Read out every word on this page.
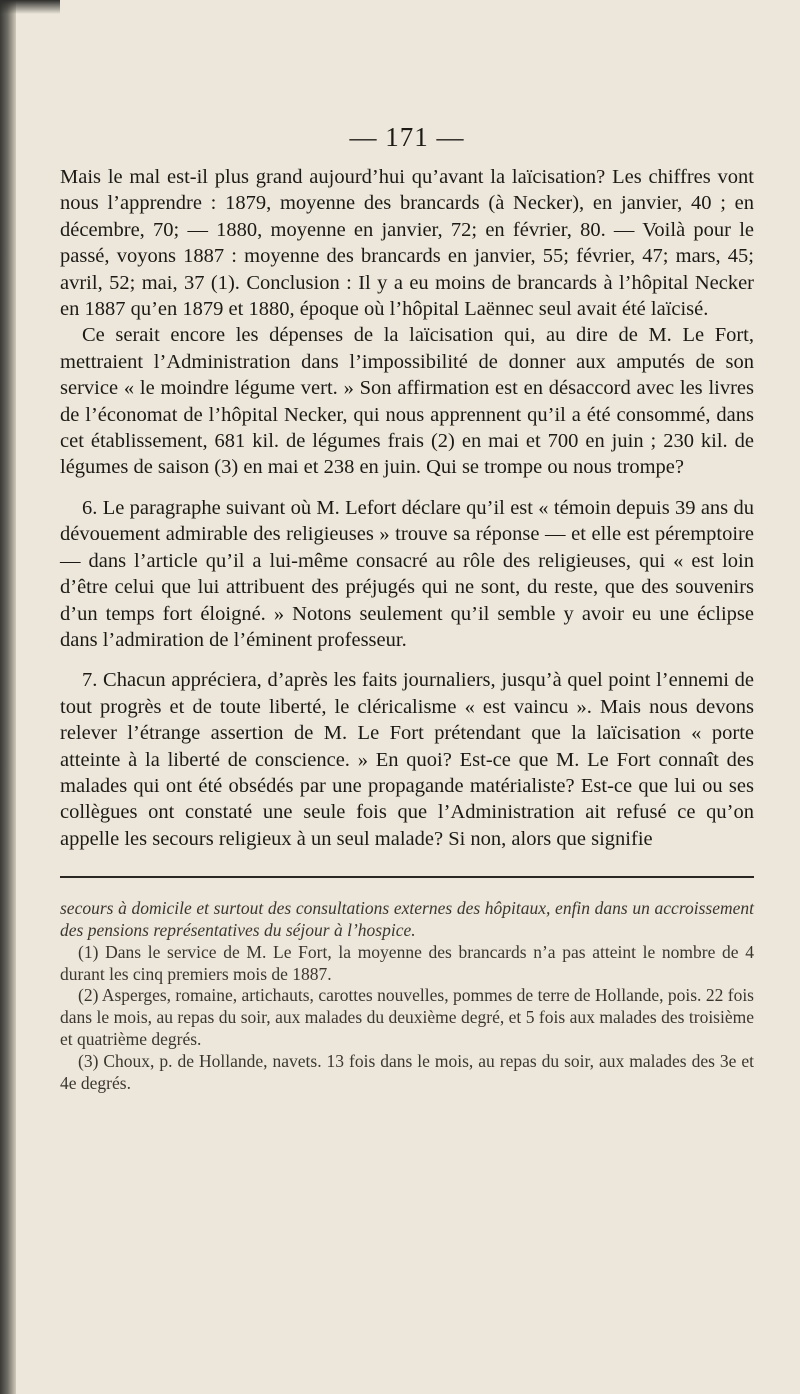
— 171 —

Mais le mal est-il plus grand aujourd’hui qu’avant la laïcisation? Les chiffres vont nous l’apprendre : 1879, moyenne des brancards (à Necker), en janvier, 40 ; en décembre, 70; — 1880, moyenne en janvier, 72; en février, 80. — Voilà pour le passé, voyons 1887 : moyenne des brancards en janvier, 55; février, 47; mars, 45; avril, 52; mai, 37 (1). Conclusion : Il y a eu moins de brancards à l’hôpital Necker en 1887 qu’en 1879 et 1880, époque où l’hôpital Laënnec seul avait été laïcisé.

Ce serait encore les dépenses de la laïcisation qui, au dire de M. Le Fort, mettraient l’Administration dans l’impossibilité de donner aux amputés de son service « le moindre légume vert. » Son affirmation est en désaccord avec les livres de l’économat de l’hôpital Necker, qui nous apprennent qu’il a été consommé, dans cet établissement, 681 kil. de légumes frais (2) en mai et 700 en juin ; 230 kil. de légumes de saison (3) en mai et 238 en juin. Qui se trompe ou nous trompe?

6. Le paragraphe suivant où M. Lefort déclare qu’il est « témoin depuis 39 ans du dévouement admirable des religieuses » trouve sa réponse — et elle est péremptoire — dans l’article qu’il a lui-même consacré au rôle des religieuses, qui « est loin d’être celui que lui attribuent des préjugés qui ne sont, du reste, que des souvenirs d’un temps fort éloigné. » Notons seulement qu’il semble y avoir eu une éclipse dans l’admiration de l’éminent professeur.

7. Chacun appréciera, d’après les faits journaliers, jusqu’à quel point l’ennemi de tout progrès et de toute liberté, le cléricalisme « est vaincu ». Mais nous devons relever l’étrange assertion de M. Le Fort prétendant que la laïcisation « porte atteinte à la liberté de conscience. » En quoi? Est-ce que M. Le Fort connaît des malades qui ont été obsédés par une propagande matérialiste? Est-ce que lui ou ses collègues ont constaté une seule fois que l’Administration ait refusé ce qu’on appelle les secours religieux à un seul malade? Si non, alors que signifie

secours à domicile et surtout des consultations externes des hôpitaux, enfin dans un accroissement des pensions représentatives du séjour à l’hospice.

(1) Dans le service de M. Le Fort, la moyenne des brancards n’a pas atteint le nombre de 4 durant les cinq premiers mois de 1887.

(2) Asperges, romaine, artichauts, carottes nouvelles, pommes de terre de Hollande, pois. 22 fois dans le mois, au repas du soir, aux malades du deuxième degré, et 5 fois aux malades des troisième et quatrième degrés.

(3) Choux, p. de Hollande, navets. 13 fois dans le mois, au repas du soir, aux malades des 3e et 4e degrés.
